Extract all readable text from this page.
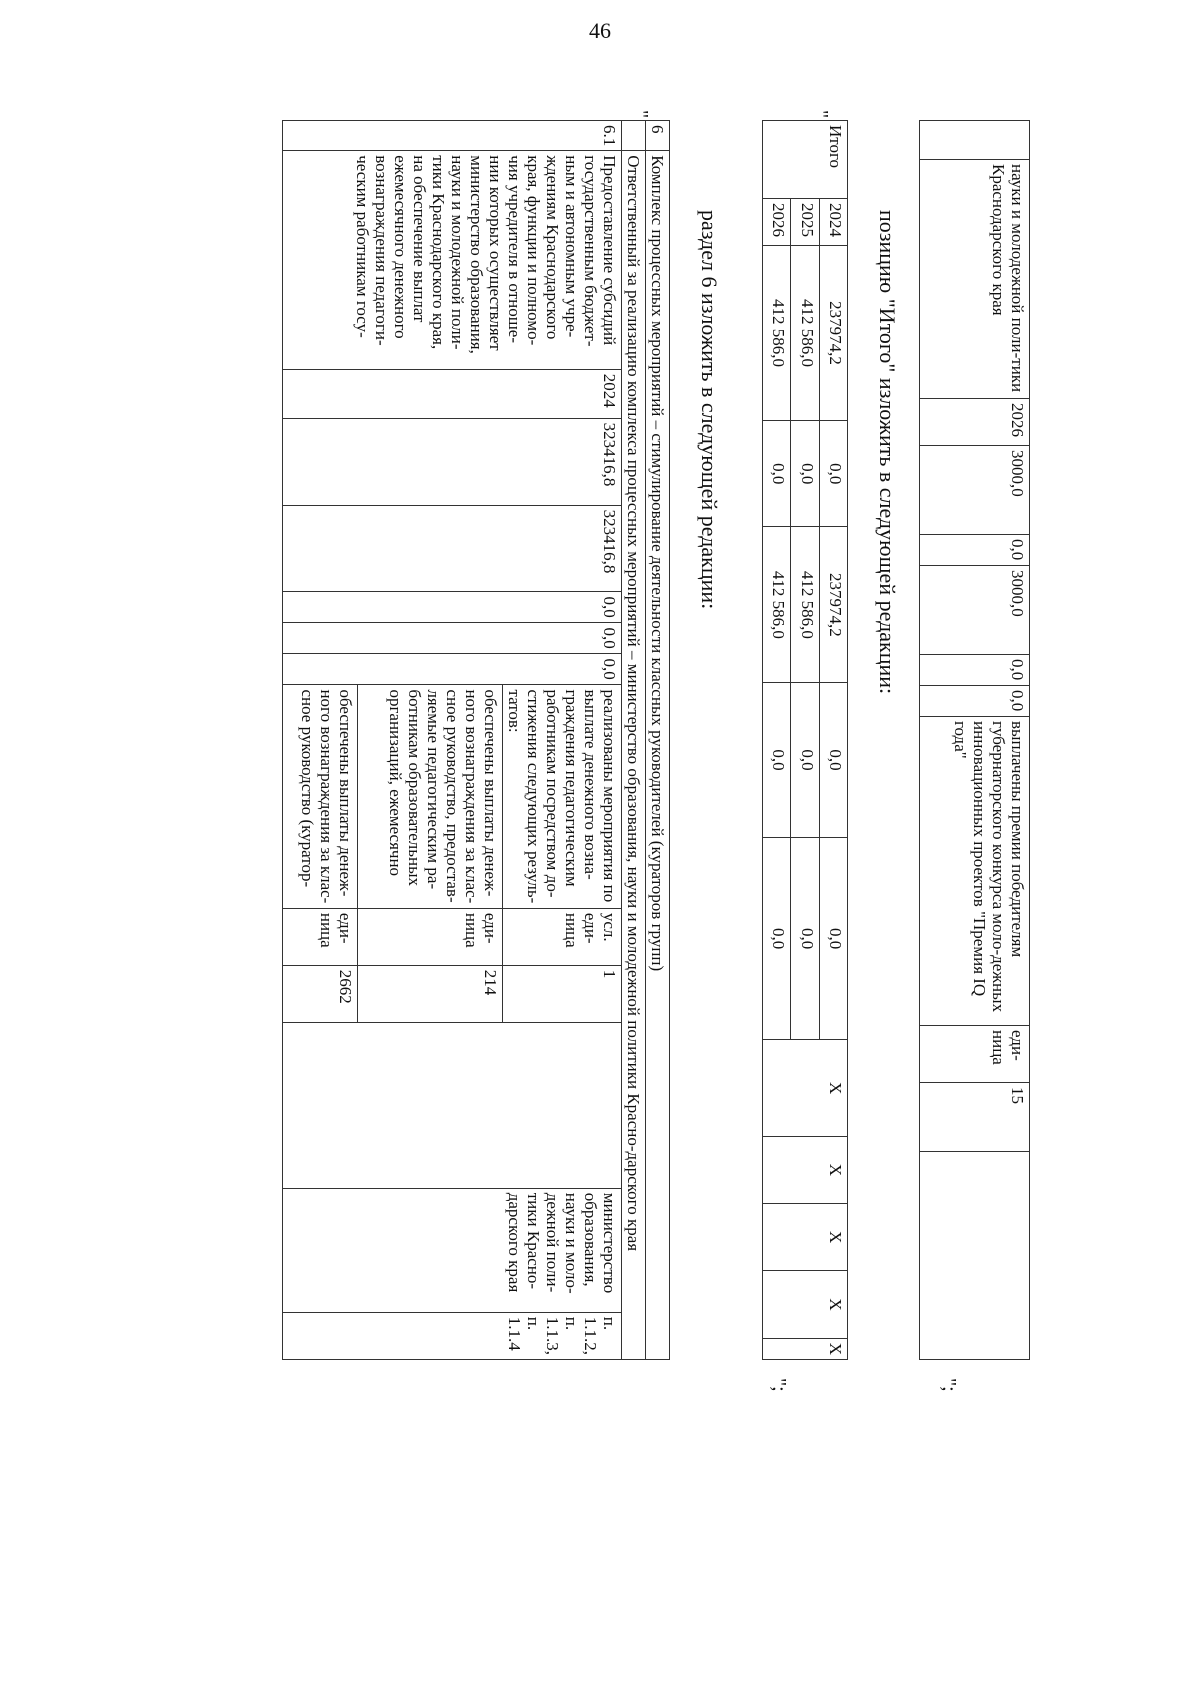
46
	науки и молодежной поли-тики Краснодарского края	2026	3000,0	0,0	3000,0	0,0	0,0	выплачены премии победителям губернаторского конкурса моло-дежных инновационных проектов "Премия IQ года"	еди-ница	15	
";
позицию "Итого" изложить в следующей редакции:
"
Итого	2024	237974,2	0,0	237974,2	0,0	0,0	X	X	X	X	X
	2025	412 586,0	0,0	412 586,0	0,0	0,0					
	2026	412 586,0	0,0	412 586,0	0,0	0,0					
";
раздел 6 изложить в следующей редакции:
"
6	Комплекс процессных мероприятий – стимулирование деятельности классных руководителей (кураторов групп)													
	Ответственный за реализацию комплекса процессных мероприятий – министерство образования, науки и молодежной политики Красно-дарского края													
6.1	Предоставление субсидий государственным бюджет-ным и автономным учре-ждениям Краснодарского края, функции и полномо-чия учредителя в отноше-нии которых осуществляет министерство образования, науки и молодежной поли-тики Краснодарского края, на обеспечение выплат ежемесячного денежного вознаграждения педагоги-ческим работникам госу-	2024	323416,8	323416,8	0,0	0,0	0,0	реализованы мероприятия по выплате денежного возна-граждения педагогическим работникам посредством до-стижения следующих резуль-татов:	усл. еди-ница	1			министерство образования, науки и моло-дежной поли-тики Красно-дарского края	п. 1.1.2, п. 1.1.3, п. 1.1.4
								обеспечены выплаты денеж-ного вознаграждения за клас-сное руководство, предостав-ляемые педагогическим ра-ботникам образовательных организаций, ежемесячно	еди-ница	214				
								обеспечены выплаты денеж-ного вознаграждения за клас-сное руководство (куратор-	еди-ница	2662				
